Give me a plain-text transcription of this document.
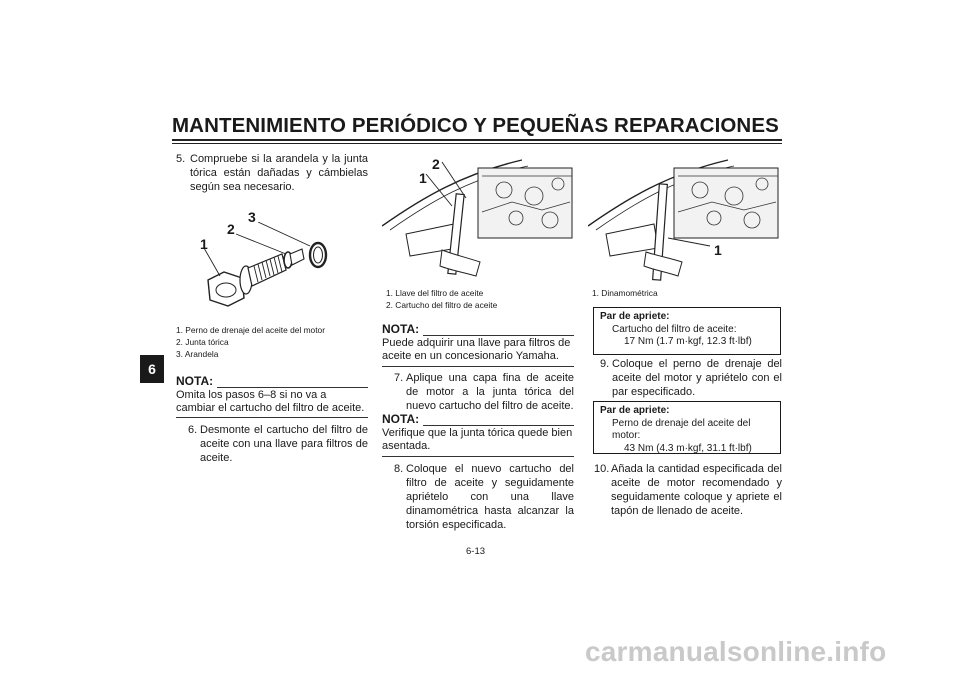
MANTENIMIENTO PERIÓDICO Y PEQUEÑAS REPARACIONES
6
5. Compruebe si la arandela y la junta tórica están dañadas y cámbielas según sea necesario.
1
2
3
1. Perno de drenaje del aceite del motor
2. Junta tórica
3. Arandela
NOTA:
Omita los pasos 6–8 si no va a cambiar el cartucho del filtro de aceite.
6. Desmonte el cartucho del filtro de aceite con una llave para filtros de aceite.
1
2
1. Llave del filtro de aceite
2. Cartucho del filtro de aceite
NOTA:
Puede adquirir una llave para filtros de aceite en un concesionario Yamaha.
7. Aplique una capa fina de aceite de motor a la junta tórica del nuevo cartucho del filtro de aceite.
NOTA:
Verifique que la junta tórica quede bien asentada.
8. Coloque el nuevo cartucho del filtro de aceite y seguidamente apriételo con una llave dinamométrica hasta alcanzar la torsión especificada.
1
1. Dinamométrica
Par de apriete:
Cartucho del filtro de aceite:
17 Nm (1.7 m·kgf, 12.3 ft·lbf)
9. Coloque el perno de drenaje del aceite del motor y apriételo con el par especificado.
Par de apriete:
Perno de drenaje del aceite del motor:
43 Nm (4.3 m·kgf, 31.1 ft·lbf)
10. Añada la cantidad especificada del aceite de motor recomendado y seguidamente coloque y apriete el tapón de llenado de aceite.
6-13
carmanualsonline.info
